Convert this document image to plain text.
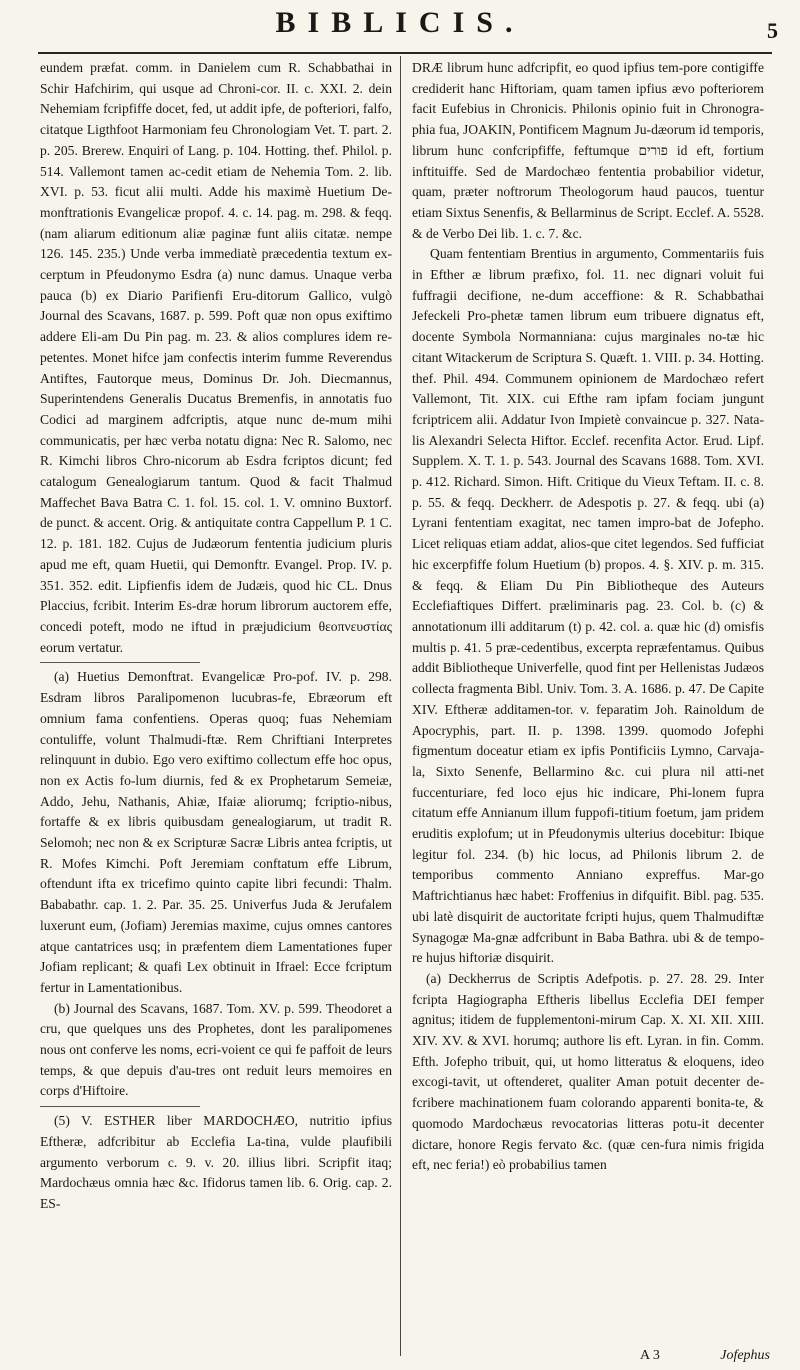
BIBLICIS.	5

eundem præfat. comm. in Danielem cum R. Schabbathai in Schir Hafchirim, qui usque ad Chroni-cor. II. c. XXI. 2. dein Nehemiam fcripfiffe docet, fed, ut addit ipfe, de pofteriori, falfo, citatque Ligthfoot Harmoniam feu Chronologiam Vet. T. part. 2. p. 205. Brerew. Enquiri of Lang. p. 104. Hotting. thef. Philol. p. 514. Vallemont tamen ac-cedit etiam de Nehemia Tom. 2. lib. XVI. p. 53. ficut alii multi. Adde his maximè Huetium De-monftrationis Evangelicæ propof. 4. c. 14. pag. m. 298. & feqq. (nam aliarum editionum aliæ paginæ funt aliis citatæ. nempe 126. 145. 235.) Unde verba immediatè præcedentia textum ex-cerptum in Pfeudonymo Esdra (a) nunc damus. Unaque verba pauca (b) ex Diario Parifienfi Eru-ditorum Gallico, vulgò Journal des Scavans, 1687. p. 599. Poft quæ non opus exiftimo addere Eli-am Du Pin pag. m. 23. & alios complures idem re-petentes. Monet hifce jam confectis interim fumme Reverendus Antiftes, Fautorque meus, Dominus Dr. Joh. Diecmannus, Superintendens Generalis Ducatus Bremenfis, in annotatis fuo Codici ad marginem adfcriptis, atque nunc de-mum mihi communicatis, per hæc verba notatu digna: Nec R. Salomo, nec R. Kimchi libros Chro-nicorum ab Esdra fcriptos dicunt; fed catalogum Genealogiarum tantum. Quod & facit Thalmud Maffechet Bava Batra C. 1. fol. 15. col. 1. V. omnino Buxtorf. de punct. & accent. Orig. & antiquitate contra Cappellum P. 1 C. 12. p. 181. 182. Cujus de Judæorum fententia judicium pluris apud me eft, quam Huetii, qui Demonftr. Evangel. Prop. IV. p. 351. 352. edit. Lipfienfis idem de Judæis, quod hic CL. Dnus Placcius, fcribit. Interim Es-dræ horum librorum auctorem effe, concedi poteft, modo ne iftud in præjudicium θεοπνευστίας eorum vertatur.

(a) Huetius Demonftrat. Evangelicæ Pro-pof. IV. p. 298. Esdram libros Paralipomenon lucubras-fe, Ebræorum eft omnium fama confentiens. Operas quoq; fuas Nehemiam contuliffe, volunt Thalmudi-ftæ. Rem Chriftiani Interpretes relinquunt in dubio. Ego vero exiftimo collectum effe hoc opus, non ex Actis fo-lum diurnis, fed & ex Prophetarum Semeiæ, Addo, Jehu, Nathanis, Ahiæ, Ifaiæ aliorumq; fcriptio-nibus, fortaffe & ex libris quibusdam genealogiarum, ut tradit R. Selomoh; nec non & ex Scripturæ Sacræ Libris antea fcriptis, ut R. Mofes Kimchi. Poft Jeremiam conftatum effe Librum, oftendunt ifta ex tricefimo quinto capite libri fecundi: Thalm. Bababathr. cap. 1. 2. Par. 35. 25. Univerfus Juda & Jerufalem luxerunt eum, (Jofiam) Jeremias maxime, cujus omnes cantores atque cantatrices usq; in præfentem diem Lamentationes fuper Jofiam replicant; & quafi Lex obtinuit in Ifrael: Ecce fcriptum fertur in Lamentationibus.

(b) Journal des Scavans, 1687. Tom. XV. p. 599. Theodoret a cru, que quelques uns des Prophetes, dont les paralipomenes nous ont conferve les noms, ecri-voient ce qui fe paffoit de leurs temps, & que depuis d'au-tres ont reduit leurs memoires en corps d'Hiftoire.

(5) V. ESTHER liber MARDOCHÆO, nutritio ipfius Eftheræ, adfcribitur ab Ecclefia La-tina, vulde plaufibili argumento verborum c. 9. v. 20. illius libri. Scripfit itaq; Mardochæus omnia hæc &c. Ifidorus tamen lib. 6. Orig. cap. 2. ES-

DRÆ librum hunc adfcripfit, eo quod ipfius tem-pore contigiffe crediderit hanc Hiftoriam, quam tamen ipfius ævo pofteriorem facit Eufebius in Chronicis. Philonis opinio fuit in Chronogra-phia fua, JOAKIN, Pontificem Magnum Ju-dæorum id temporis, librum hunc confcripfiffe, feftumque פורים id eft, fortium inftituiffe. Sed de Mardochæo fententia probabilior videtur, quam, præter noftrorum Theologorum haud paucos, tuentur etiam Sixtus Senenfis, & Bellarminus de Script. Ecclef. A. 5528. & de Verbo Dei lib. 1. c. 7. &c.

Quam fententiam Brentius in argumento, Commentariis fuis in Efther æ librum præfixo, fol. 11. nec dignari voluit fui fuffragii decifione, ne-dum acceffione: & R. Schabbathai Jefeckeli Pro-phetæ tamen librum eum tribuere dignatus eft, docente Symbola Normanniana: cujus marginales no-tæ hic citant Witackerum de Scriptura S. Quæft. 1. VIII. p. 34. Hotting. thef. Phil. 494. Communem opinionem de Mardochæo refert Vallemont, Tit. XIX. cui Efthe ram ipfam fociam jungunt fcriptricem alii. Addatur Ivon Impietè convaincue p. 327. Nata-lis Alexandri Selecta Hiftor. Ecclef. recenfita Actor. Erud. Lipf. Supplem. X. T. 1. p. 543. Journal des Scavans 1688. Tom. XVI. p. 412. Richard. Simon. Hift. Critique du Vieux Teftam. II. c. 8. p. 55. & feqq. Deckherr. de Adespotis p. 27. & feqq. ubi (a) Lyrani fententiam exagitat, nec tamen impro-bat de Jofepho. Licet reliquas etiam addat, alios-que citet legendos. Sed fufficiat hic excerpfiffe folum Huetium (b) propos. 4. §. XIV. p. m. 315. & feqq. & Eliam Du Pin Bibliotheque des Auteurs Ecclefiaftiques Differt. præliminaris pag. 23. Col. b. (c) & annotationum illi additarum (t) p. 42. col. a. quæ hic (d) omisfis multis p. 41. 5 præ-cedentibus, excerpta repræfentamus. Quibus addit Bibliotheque Univerfelle, quod fint per Hellenistas Judæos collecta fragmenta Bibl. Univ. Tom. 3. A. 1686. p. 47. De Capite XIV. Eftheræ additamen-tor. v. feparatim Joh. Rainoldum de Apocryphis, part. II. p. 1398. 1399. quomodo Jofephi figmentum doceatur etiam ex ipfis Pontificiis Lymno, Carvaja-la, Sixto Senenfe, Bellarmino &c. cui plura nil atti-net fuccenturiare, fed loco ejus hic indicare, Phi-lonem fupra citatum effe Annianum illum fuppofi-titium foetum, jam pridem eruditis explofum; ut in Pfeudonymis ulterius docebitur: Ibique legitur fol. 234. (b) hic locus, ad Philonis librum 2. de temporibus commento Anniano expreffus. Mar-go Maftrichtianus hæc habet: Froffenius in difquifit. Bibl. pag. 535. ubi latè disquirit de auctoritate fcripti hujus, quem Thalmudiftæ Synagogæ Ma-gnæ adfcribunt in Baba Bathra. ubi & de tempo-re hujus hiftoriæ disquirit.

(a) Deckherrus de Scriptis Adefpotis. p. 27. 28. 29. Inter fcripta Hagiographa Eftheris libellus Ecclefia DEI femper agnitus; itidem de fupplementoni-mirum Cap. X. XI. XII. XIII. XIV. XV. & XVI. horumq; authore lis eft. Lyran. in fin. Comm. Efth. Jofepho tribuit, qui, ut homo litteratus & eloquens, ideo excogi-tavit, ut oftenderet, qualiter Aman potuit decenter de-fcribere machinationem fuam colorando apparenti bonita-te, & quomodo Mardochæus revocatorias litteras potu-it decenter dictare, honore Regis fervato &c. (quæ cen-fura nimis frigida eft, nec feria!) eò probabilius tamen

A 3	Jofephus
